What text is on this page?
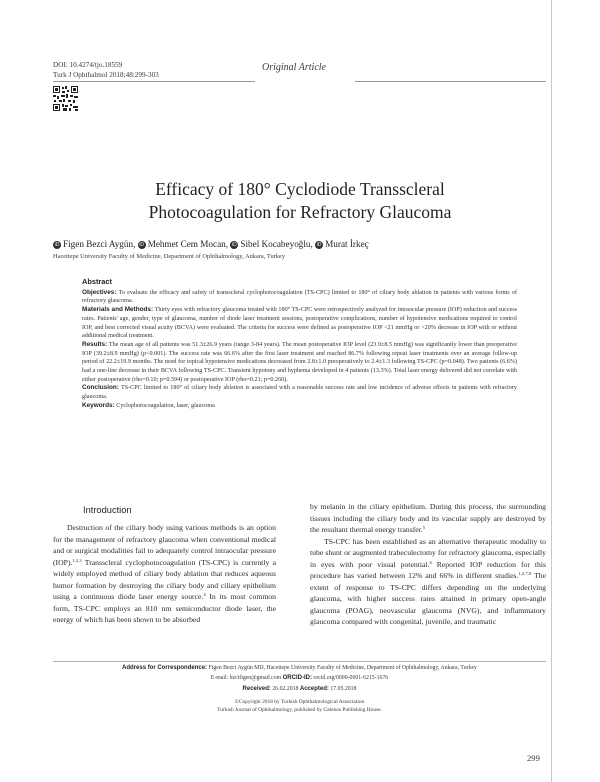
DOI: 10.4274/tjo.18559
Turk J Ophthalmol 2018;48:299-303
Original Article
Efficacy of 180° Cyclodiode Transscleral
Photocoagulation for Refractory Glaucoma
iD Figen Bezci Aygün, iD Mehmet Cem Mocan, iD Sibel Kocabeyoğlu, iD Murat İrkeç
Hacettepe University Faculty of Medicine, Department of Ophthalmology, Ankara, Turkey
Abstract
Objectives: To evaluate the efficacy and safety of transscleral cyclophotocoagulation (TS-CPC) limited to 180° of ciliary body ablation in patients with various forms of refractory glaucoma.
Materials and Methods: Thirty eyes with refractory glaucoma treated with 180° TS-CPC were retrospectively analyzed for intraocular pressure (IOP) reduction and success rates. Patients' age, gender, type of glaucoma, number of diode laser treatment sessions, postoperative complications, number of hypotensive medications required to control IOP, and best corrected visual acuity (BCVA) were evaluated. The criteria for success were defined as postoperative IOP <21 mmHg or >20% decrease in IOP with or without additional medical treatment.
Results: The mean age of all patients was 51.3±26.9 years (range 3-84 years). The mean postoperative IOP level (23.9±8.5 mmHg) was significantly lower than preoperative IOP (39.2±8.9 mmHg) (p<0.001). The success rate was 66.6% after the first laser treatment and reached 86.7% following repeat laser treatments over an average follow-up period of 22.2±19.9 months. The need for topical hypotensive medications decreased from 2.8±1.0 preoperatively to 2.4±1.3 following TS-CPC (p=0.048). Two patients (6.6%) had a one-line decrease in their BCVA following TS-CPC. Transient hypotony and hyphema developed in 4 patients (13.3%). Total laser energy delivered did not correlate with either postoperative (rho=0.10; p=0.594) or postoperative IOP (rho=0.21; p=0.260).
Conclusion: TS-CPC limited to 180° of ciliary body ablation is associated with a reasonable success rate and low incidence of adverse effects in patients with refractory glaucoma.
Keywords: Cyclophotocoagulation, laser, glaucoma
Introduction

Destruction of the ciliary body using various methods is an option for the management of refractory glaucoma when conventional medical and or surgical modalities fail to adequately control intraocular pressure (IOP).$^{1,2,3}$ Transscleral cyclophotocoagulation (TS-CPC) is currently a widely employed method of ciliary body ablation that reduces aqueous humor formation by destroying the ciliary body and ciliary epithelium using a continuous diode laser energy source.$^4$ In its most common form, TS-CPC employs an 810 nm semiconductor diode laser, the energy of which has been shown to be absorbed

by melanin in the ciliary epithelium. During this process, the surrounding tissues including the ciliary body and its vascular supply are destroyed by the resultant thermal energy transfer.$^5$

TS-CPC has been established as an alternative therapeutic modality to tube shunt or augmented trabeculectomy for refractory glaucoma, especially in eyes with poor visual potential.$^6$ Reported IOP reduction for this procedure has varied between 12% and 66% in different studies.$^{1,2,7,8}$ The extent of response to TS-CPC differs depending on the underlying glaucoma, with higher success rates attained in primary open-angle glaucoma (POAG), neovascular glaucoma (NVG), and inflammatory glaucoma compared with congenital, juvenile, and traumatic

Address for Correspondence: Figen Bezci Aygün MD, Hacettepe University Faculty of Medicine, Department of Ophthalmology, Ankara, Turkey
E-mail: bzcifigen@gmail.com ORCID-ID: orcid.org/0000-0001-6215-1676
Received: 26.02.2018 Accepted: 17.05.2018
©Copyright 2018 by Turkish Ophthalmological Association
Turkish Journal of Ophthalmology, published by Galenos Publishing House.
299
